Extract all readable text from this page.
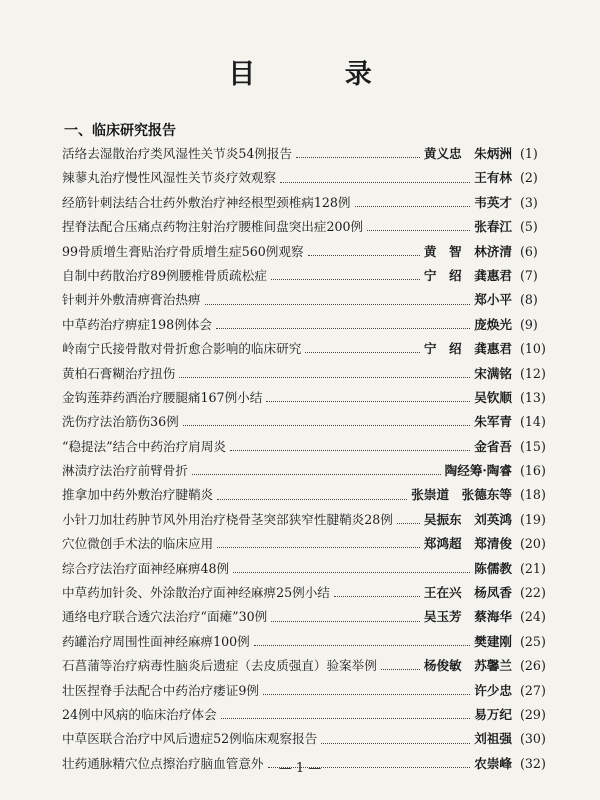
目 录
一、临床研究报告
活络去湿散治疗类风湿性关节炎54例报告	黄义忠　朱炳洲 (1)
辣蓼丸治疗慢性风湿性关节炎疗效观察	王有林 (2)
经筋针刺法结合壮药外敷治疗神经根型颈椎病128例	韦英才 (3)
捏脊法配合压痛点药物注射治疗腰椎间盘突出症200例	张春江 (5)
99骨质增生膏贴治疗骨质增生症560例观察	黄　智　林济清 (6)
自制中药散治疗89例腰椎骨质疏松症	宁　绍　龚惠君 (7)
针刺并外敷清痹膏治热痹	郑小平 (8)
中草药治疗痹症198例体会	庞焕光 (9)
岭南宁氏接骨散对骨折愈合影响的临床研究	宁　绍　龚惠君 (10)
黄柏石膏糊治疗扭伤	宋满铭 (12)
金钩莲莽药酒治疗腰腿痛167例小结	吴钦顺 (13)
洗伤疗法治筋伤36例	朱军青 (14)
“稳提法”结合中药治疗肩周炎	金省吾 (15)
淋渍疗法治疗前臂骨折	陶经筹·陶睿 (16)
推拿加中药外敷治疗腱鞘炎	张崇道　张德东等 (18)
小针刀加壮药肿节风外用治疗桡骨茎突部狭窄性腱鞘炎28例 吴振东　刘英鸿 (19)
穴位微创手术法的临床应用	郑鸿超　郑清俊 (20)
综合疗法治疗面神经麻痹48例	陈儒教 (21)
中草药加针灸、外涂散治疗面神经麻痹25例小结	王在兴　杨凤香 (22)
通络电疗联合透穴法治疗“面瘫”30例	吴玉芳　蔡海华 (24)
药罐治疗周围性面神经麻痹100例	樊建刚 (25)
石菖蒲等治疗病毒性脑炎后遗症（去皮质强直）验案举例	杨俊敏　苏馨兰 (26)
壮医捏脊手法配合中药治疗痿证9例	许少忠 (27)
24例中风病的临床治疗体会	易万纪 (29)
中草医联合治疗中风后遗症52例临床观察报告	刘祖强 (30)
壮药通脉精穴位点擦治疗脑血管意外	农崇峰 (32)
— 1 —
